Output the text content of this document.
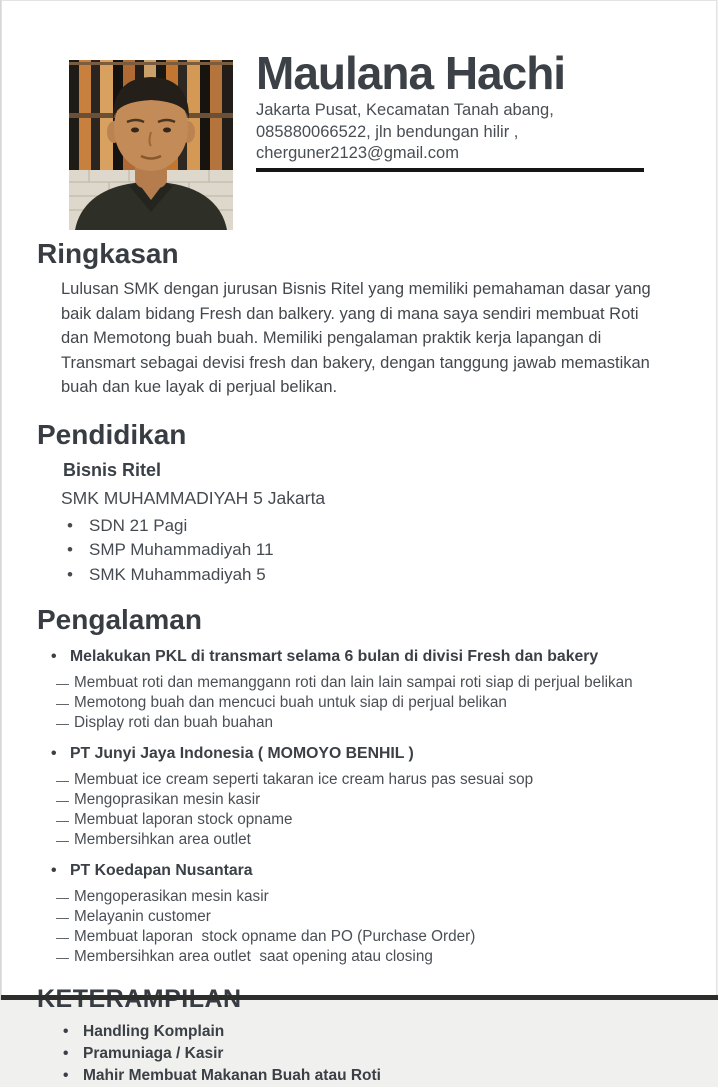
Maulana Hachi
Jakarta Pusat, Kecamatan Tanah abang,
085880066522, jln bendungan hilir ,
cherguner2123@gmail.com
Ringkasan

Lulusan SMK dengan jurusan Bisnis Ritel yang memiliki pemahaman dasar yang baik dalam bidang Fresh dan balkery. yang di mana saya sendiri membuat Roti dan Memotong buah buah. Memiliki pengalaman praktik kerja lapangan di Transmart sebagai devisi fresh dan bakery, dengan tanggung jawab memastikan buah dan kue layak di perjual belikan.

Pendidikan
Bisnis Ritel
SMK MUHAMMADIYAH 5 Jakarta
• SDN 21 Pagi
• SMP Muhammadiyah 11
• SMK Muhammadiyah 5
Pengalaman
• Melakukan PKL di transmart selama 6 bulan di divisi Fresh dan bakery
— Membuat roti dan memanggann roti dan lain lain sampai roti siap di perjual belikan
— Memotong buah dan mencuci buah untuk siap di perjual belikan
— Display roti dan buah buahan
• PT Junyi Jaya Indonesia ( MOMOYO BENHIL )
— Membuat ice cream seperti takaran ice cream harus pas sesuai sop
— Mengoprasikan mesin kasir
— Membuat laporan stock opname
— Membersihkan area outlet
• PT Koedapan Nusantara
— Mengoperasikan mesin kasir
— Melayanin customer
— Membuat laporan  stock opname dan PO (Purchase Order)
— Membersihkan area outlet  saat opening atau closing
• Handling Komplain
• Pramuniaga / Kasir
• Mahir Membuat Makanan Buah atau Roti
